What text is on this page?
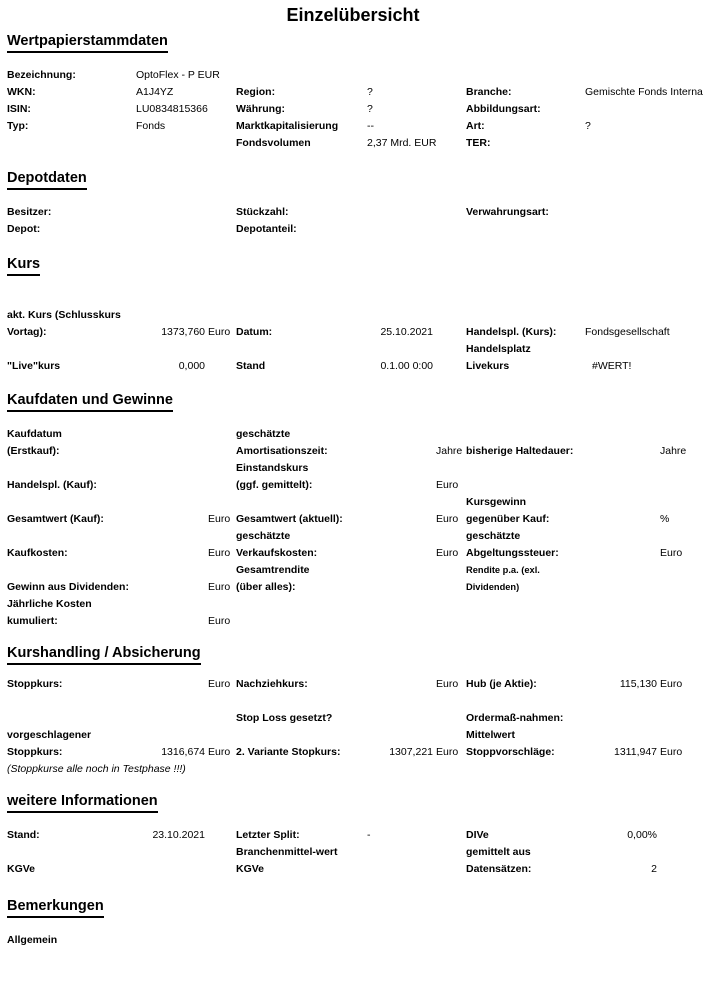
Einzelübersicht
Wertpapierstammdaten
Bezeichnung:	OptoFlex - P EUR
WKN:	A1J4YZ	Region:	?	Branche:	Gemischte Fonds Interna
ISIN:	LU0834815366	Währung:	?	Abbildungsart:
Typ:	Fonds	Marktkapitalisierung	--	Art:	?
Fondsvolumen	2,37 Mrd. EUR	TER:
Depotdaten
Besitzer:	Stückzahl:	Verwahrungsart:
Depot:	Depotanteil:
Kurs
akt. Kurs (Schlusskurs
Vortag):	1373,760 Euro Datum:	25.10.2021	Handelspl. (Kurs):	Fondsgesellschaft
Handelsplatz
"Live"kurs	0,000	Stand	0.1.00 0:00	Livekurs	#WERT!
Kaufdaten und Gewinne
Kaufdatum	geschätzte
(Erstkauf):	Amortisationszeit:	Jahre bisherige Haltedauer:	Jahre
Einstandskurs
Handelspl. (Kauf):	(ggf. gemittelt):	Euro
Kursgewinn
Gesamtwert (Kauf):	Euro Gesamtwert (aktuell):	Euro gegenüber Kauf:	%
geschätzte	geschätzte
Kaufkosten:	Euro Verkaufskosten:	Euro Abgeltungssteuer:	Euro
Gesamtrendite	Rendite p.a. (exl.
Gewinn aus Dividenden:	Euro (über alles):	Dividenden)
Jährliche Kosten
kumuliert:	Euro
Kurshandling / Absicherung
Stoppkurs:	Euro Nachziehkurs:	Euro Hub (je Aktie):	115,130 Euro
Stop Loss gesetzt?	Ordermaß-nahmen:
vorgeschlagener	Mittelwert
Stoppkurs:	1316,674 Euro 2. Variante Stopkurs:	1307,221 Euro Stoppvorschläge:	1311,947 Euro
(Stoppkurse alle noch in Testphase !!!)
weitere Informationen
Stand:	23.10.2021	Letzter Split:	-	DIVe	0,00%
Branchenmittel-wert	gemittelt aus
KGVe	KGVe	Datensätzen:	2
Bemerkungen
Allgemein
